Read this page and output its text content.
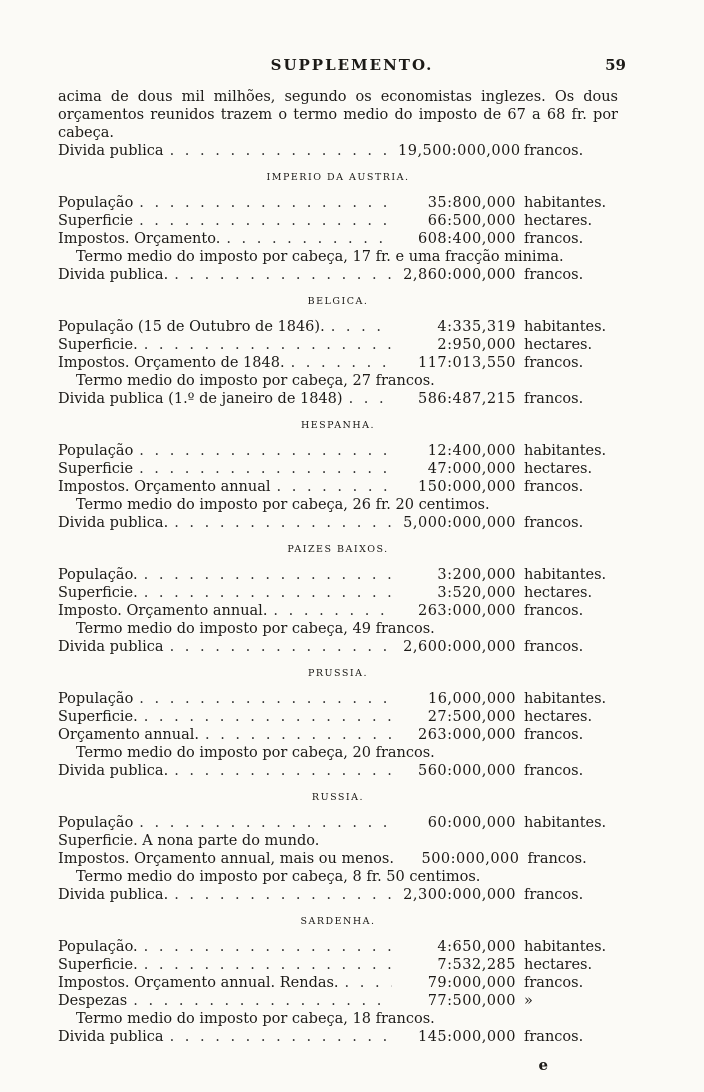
SUPPLEMENTO.	59
acima de dous mil milhões, segundo os economistas inglezes. Os dous orçamentos reunidos trazem o termo medio do imposto de 67 a 68 fr. por cabeça.
Divida publica . . .	19,500:000,000 francos.
IMPERIO DA AUSTRIA.
População . . .	35:800,000 habitantes.
Superficie . . .	66:500,000 hectares.
Impostos. Orçamento. . . .	608:400,000 francos.
Termo medio do imposto por cabeça, 17 fr. e uma fracção minima.
Divida publica. . . .	2,860:000,000 francos.
BELGICA.
População (15 de Outubro de 1846). . . .	4:335,319 habitantes.
Superficie. . . .	2:950,000 hectares.
Impostos. Orçamento de 1848. . . .	117:013,550 francos.
Termo medio do imposto por cabeça, 27 francos.
Divida publica (1.º de janeiro de 1848) . . .	586:487,215 francos.
HESPANHA.
População . . .	12:400,000 habitantes.
Superficie . . .	47:000,000 hectares.
Impostos. Orçamento annual . . .	150:000,000 francos.
Termo medio do imposto por cabeça, 26 fr. 20 centimos.
Divida publica. . . .	5,000:000,000 francos.
PAIZES BAIXOS.
População. . . .	3:200,000 habitantes.
Superficie. . . .	3:520,000 hectares.
Imposto. Orçamento annual. . . .	263:000,000 francos.
Termo medio do imposto por cabeça, 49 francos.
Divida publica . . .	2,600:000,000 francos.
PRUSSIA.
População . . .	16,000,000 habitantes.
Superficie. . . .	27:500,000 hectares.
Orçamento annual. . . .	263:000,000 francos.
Termo medio do imposto por cabeça, 20 francos.
Divida publica. . . .	560:000,000 francos.
RUSSIA.
População . . .	60:000,000 habitantes.
Superficie. A nona parte do mundo.
Impostos. Orçamento annual, mais ou menos.	500:000,000 francos.
Termo medio do imposto por cabeça, 8 fr. 50 centimos.
Divida publica. . . .	2,300:000,000 francos.
SARDENHA.
População. . . .	4:650,000 habitantes.
Superficie. . . .	7:532,285 hectares.
Impostos. Orçamento annual. Rendas. . . .	79:000,000 francos.
Despezas . . .	77:500,000 »
Termo medio do imposto por cabeça, 18 francos.
Divida publica . . .	145:000,000 francos.
e
